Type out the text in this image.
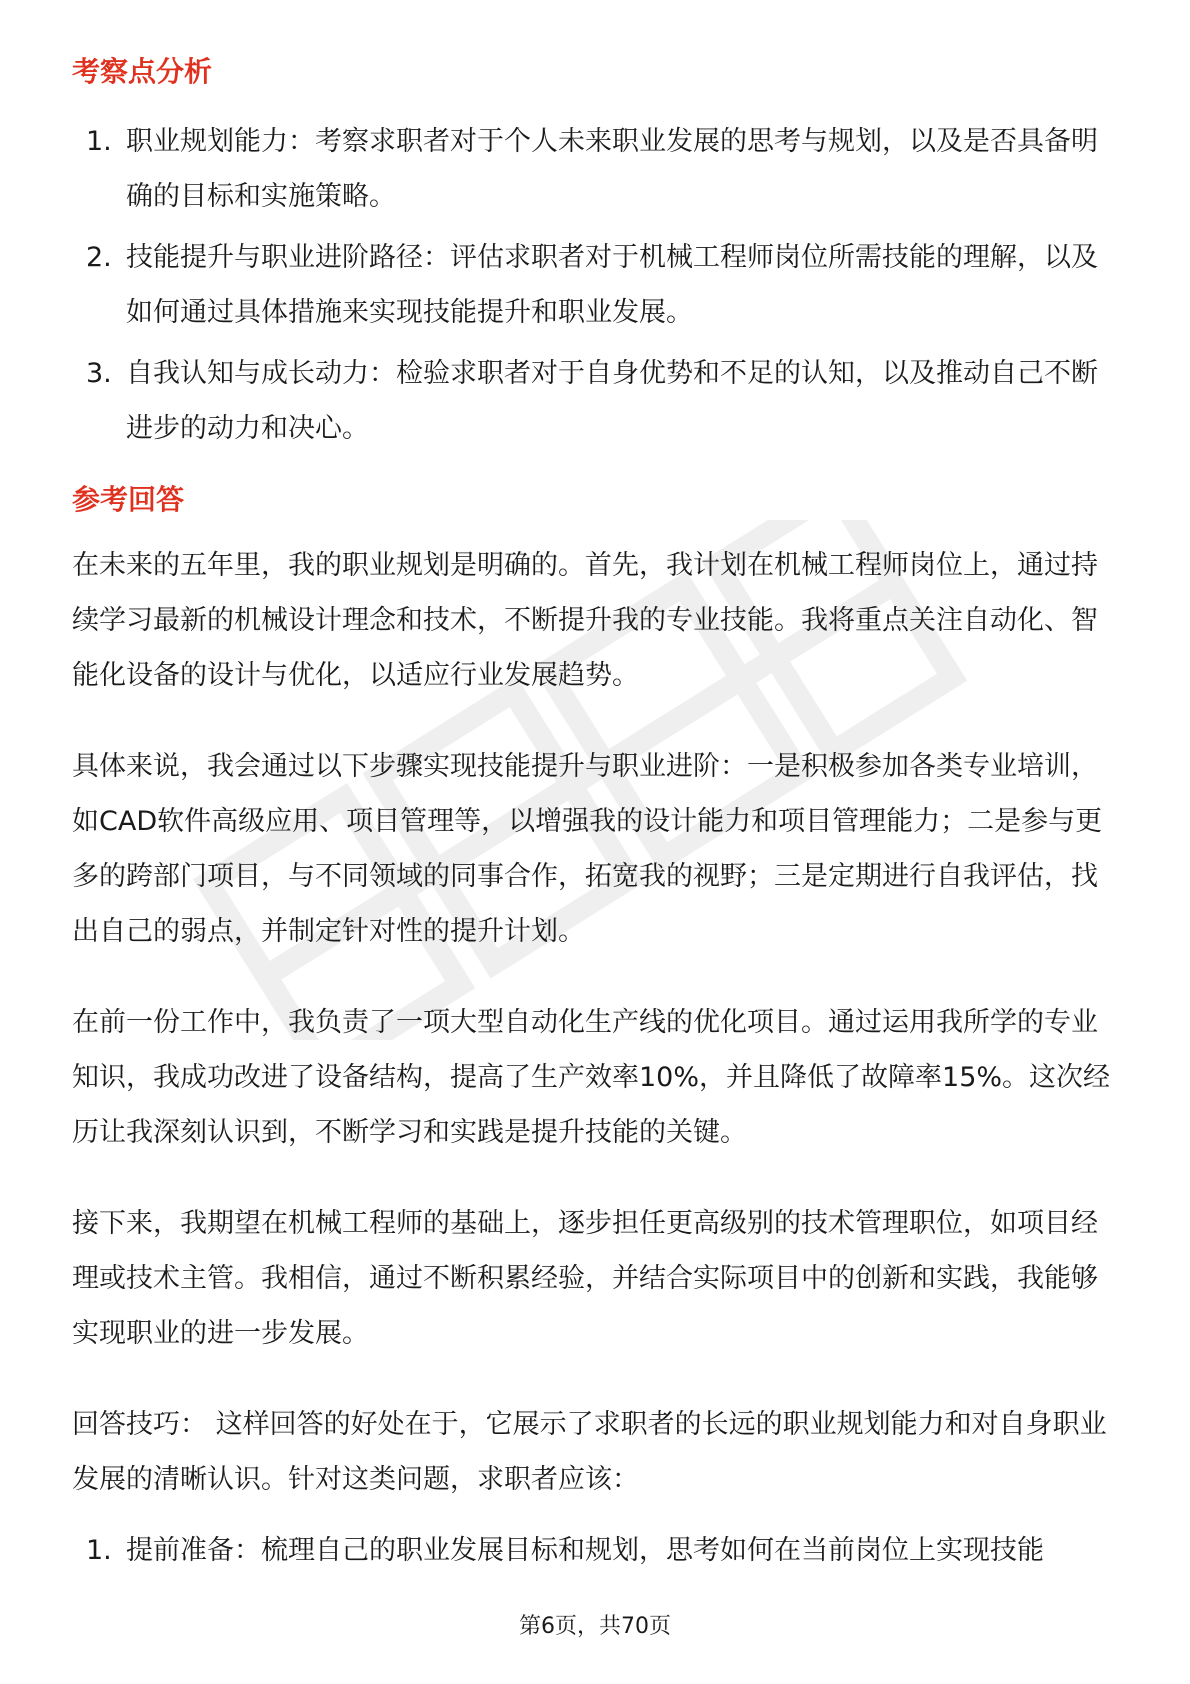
考察点分析
1. 职业规划能力：考察求职者对于个人未来职业发展的思考与规划，以及是否具备明确的目标和实施策略。
2. 技能提升与职业进阶路径：评估求职者对于机械工程师岗位所需技能的理解，以及如何通过具体措施来实现技能提升和职业发展。
3. 自我认知与成长动力：检验求职者对于自身优势和不足的认知，以及推动自己不断进步的动力和决心。
参考回答

在未来的五年里，我的职业规划是明确的。首先，我计划在机械工程师岗位上，通过持续学习最新的机械设计理念和技术，不断提升我的专业技能。我将重点关注自动化、智能化设备的设计与优化，以适应行业发展趋势。

具体来说，我会通过以下步骤实现技能提升与职业进阶：一是积极参加各类专业培训，如CAD软件高级应用、项目管理等，以增强我的设计能力和项目管理能力；二是参与更多的跨部门项目，与不同领域的同事合作，拓宽我的视野；三是定期进行自我评估，找出自己的弱点，并制定针对性的提升计划。

在前一份工作中，我负责了一项大型自动化生产线的优化项目。通过运用我所学的专业知识，我成功改进了设备结构，提高了生产效率10%，并且降低了故障率15%。这次经历让我深刻认识到，不断学习和实践是提升技能的关键。

接下来，我期望在机械工程师的基础上，逐步担任更高级别的技术管理职位，如项目经理或技术主管。我相信，通过不断积累经验，并结合实际项目中的创新和实践，我能够实现职业的进一步发展。

回答技巧： 这样回答的好处在于，它展示了求职者的长远的职业规划能力和对自身职业发展的清晰认识。针对这类问题，求职者应该：

1. 提前准备：梳理自己的职业发展目标和规划，思考如何在当前岗位上实现技能
第6页，共70页
